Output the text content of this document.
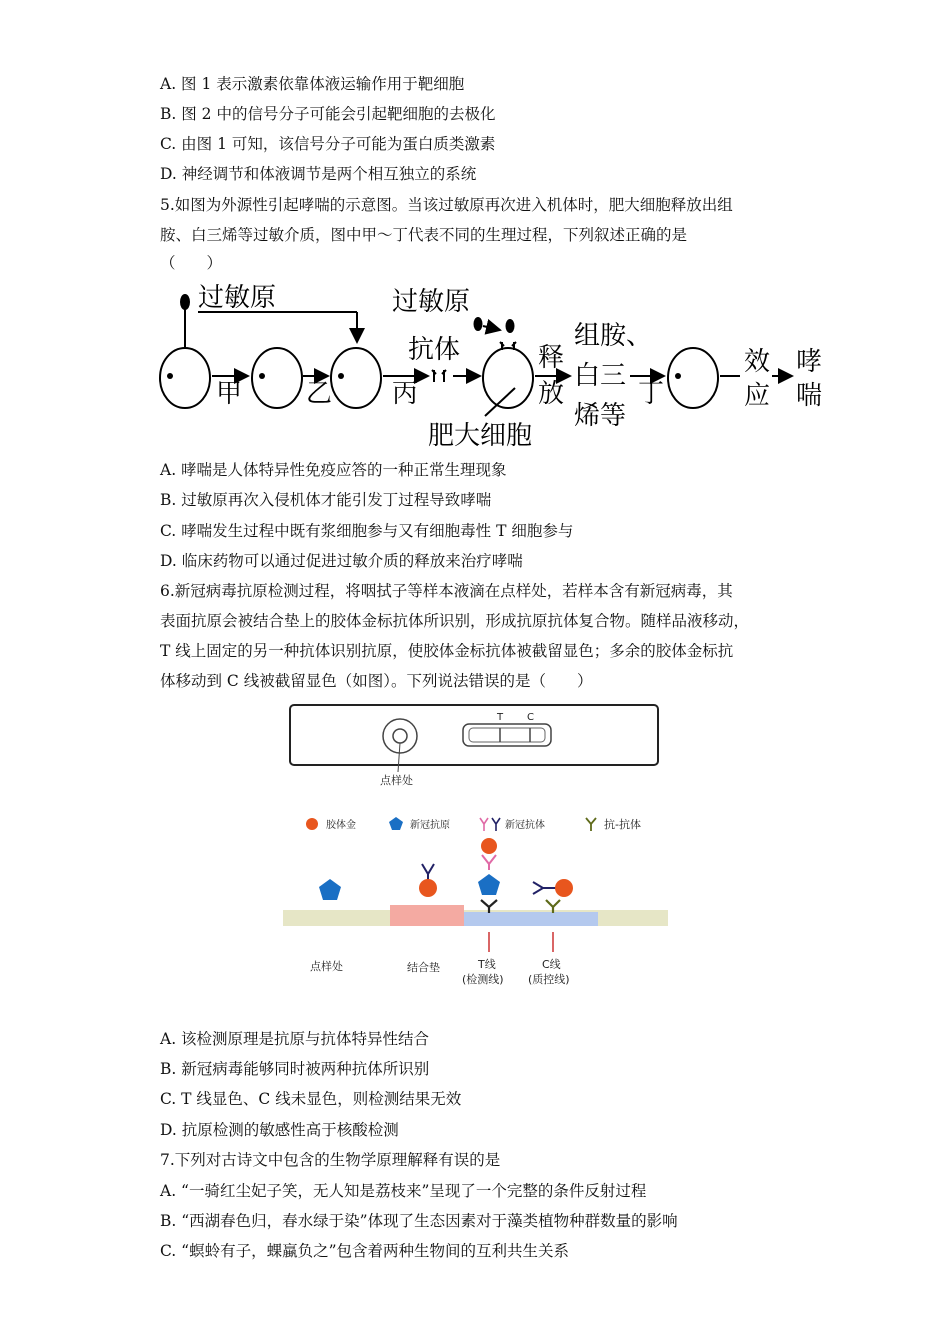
A. 图 1 表示激素依靠体液运输作用于靶细胞
B. 图 2 中的信号分子可能会引起靶细胞的去极化
C. 由图 1 可知，该信号分子可能为蛋白质类激素
D. 神经调节和体液调节是两个相互独立的系统
5.如图为外源性引起哮喘的示意图。当该过敏原再次进入机体时，肥大细胞释放出组
胺、白三烯等过敏介质，图中甲～丁代表不同的生理过程，下列叙述正确的是
（　　）
过敏原	过敏原
甲 乙 丙
抗体	释
放
组胺、
白三
烯等
丁
效
应
哮
喘
肥大细胞
A. 哮喘是人体特异性免疫应答的一种正常生理现象
B. 过敏原再次入侵机体才能引发丁过程导致哮喘
C. 哮喘发生过程中既有浆细胞参与又有细胞毒性 T 细胞参与
D. 临床药物可以通过促进过敏介质的释放来治疗哮喘
6.新冠病毒抗原检测过程，将咽拭子等样本液滴在点样处，若样本含有新冠病毒，其
表面抗原会被结合垫上的胶体金标抗体所识别，形成抗原抗体复合物。随样品液移动，
T 线上固定的另一种抗体识别抗原，使胶体金标抗体被截留显色；多余的胶体金标抗
体移动到 C 线被截留显色（如图）。下列说法错误的是（　　）
T C
点样处
胶体金	新冠抗原	新冠抗体	抗-抗体
点样处	结合垫	T线
(检测线)
C线
(质控线)
A. 该检测原理是抗原与抗体特异性结合
B. 新冠病毒能够同时被两种抗体所识别
C. T 线显色、C 线未显色，则检测结果无效
D. 抗原检测的敏感性高于核酸检测
7.下列对古诗文中包含的生物学原理解释有误的是
A. “一骑红尘妃子笑，无人知是荔枝来”呈现了一个完整的条件反射过程
B. “西湖春色归，春水绿于染”体现了生态因素对于藻类植物种群数量的影响
C. “螟蛉有子，蜾蠃负之”包含着两种生物间的互利共生关系
